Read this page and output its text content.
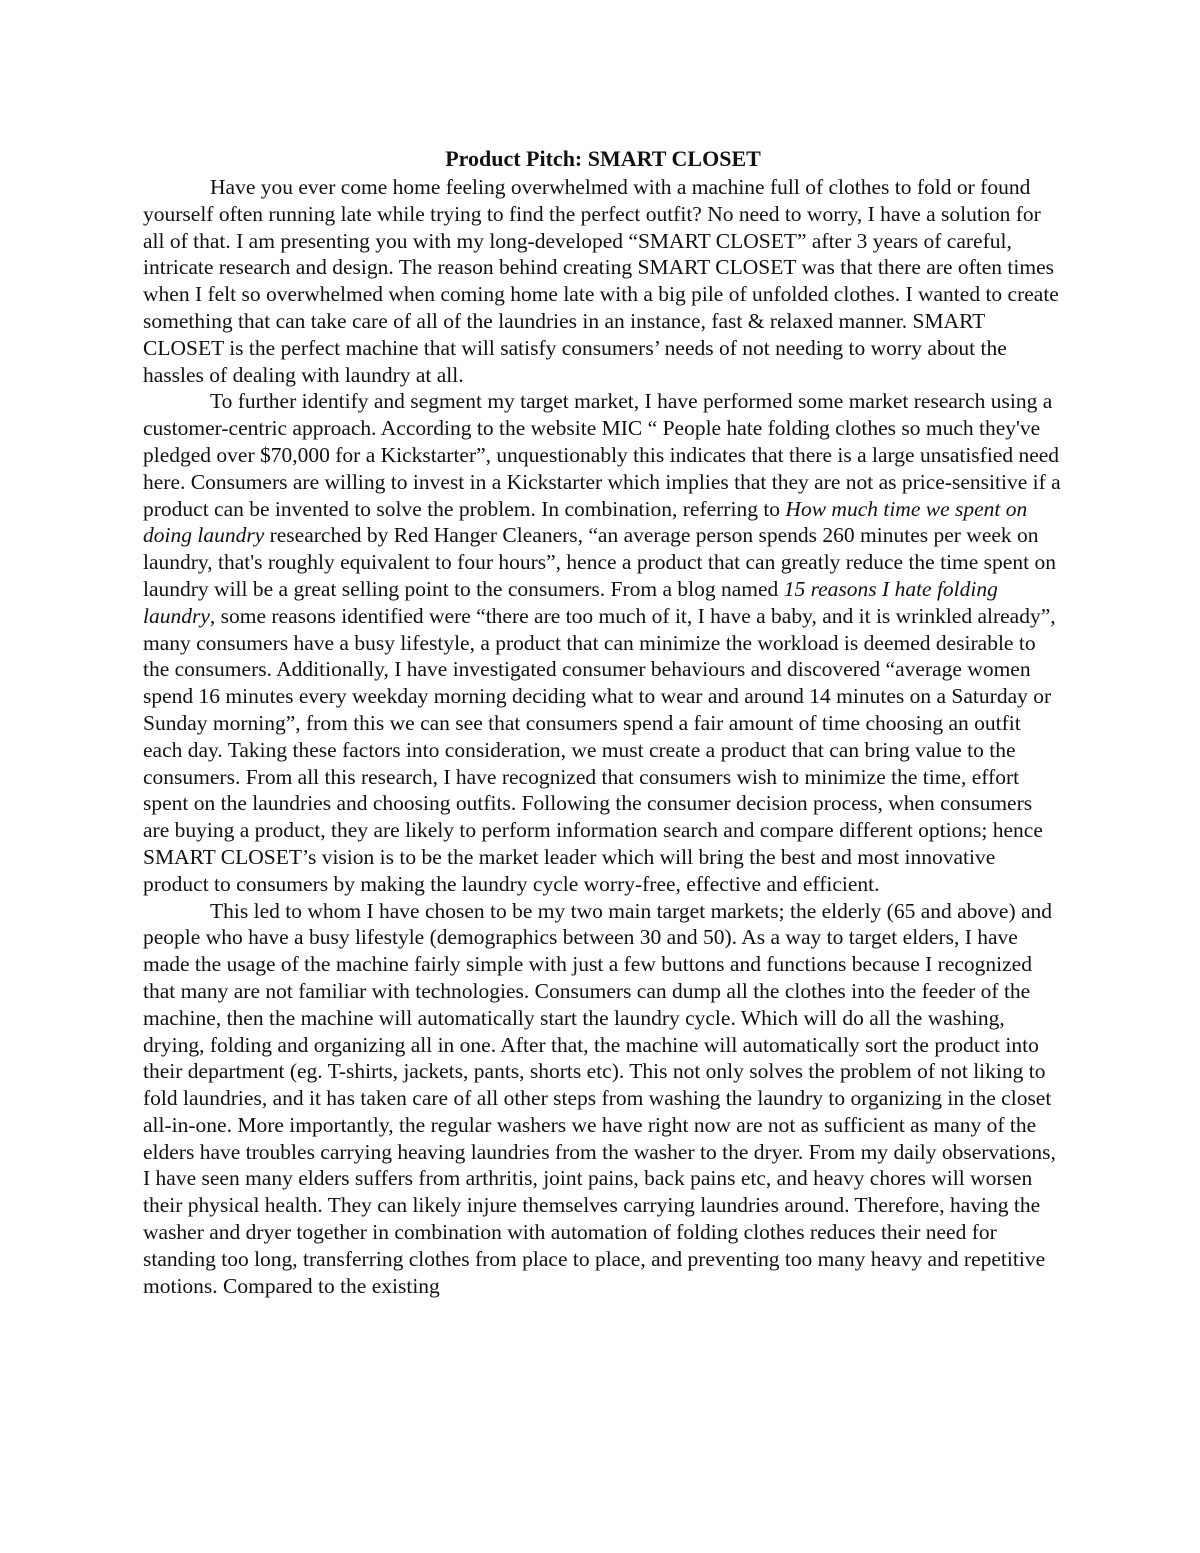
Product Pitch: SMART CLOSET

Have you ever come home feeling overwhelmed with a machine full of clothes to fold or found yourself often running late while trying to find the perfect outfit? No need to worry, I have a solution for all of that. I am presenting you with my long-developed “SMART CLOSET” after 3 years of careful, intricate research and design. The reason behind creating SMART CLOSET was that there are often times when I felt so overwhelmed when coming home late with a big pile of unfolded clothes. I wanted to create something that can take care of all of the laundries in an instance, fast & relaxed manner. SMART CLOSET is the perfect machine that will satisfy consumers’ needs of not needing to worry about the hassles of dealing with laundry at all.

To further identify and segment my target market, I have performed some market research using a customer-centric approach. According to the website MIC “ People hate folding clothes so much they've pledged over $70,000 for a Kickstarter”, unquestionably this indicates that there is a large unsatisfied need here. Consumers are willing to invest in a Kickstarter which implies that they are not as price-sensitive if a product can be invented to solve the problem. In combination, referring to How much time we spent on doing laundry researched by Red Hanger Cleaners, “an average person spends 260 minutes per week on laundry, that's roughly equivalent to four hours”, hence a product that can greatly reduce the time spent on laundry will be a great selling point to the consumers. From a blog named 15 reasons I hate folding laundry, some reasons identified were “there are too much of it, I have a baby, and it is wrinkled already”, many consumers have a busy lifestyle, a product that can minimize the workload is deemed desirable to the consumers. Additionally, I have investigated consumer behaviours and discovered “average women spend 16 minutes every weekday morning deciding what to wear and around 14 minutes on a Saturday or Sunday morning”, from this we can see that consumers spend a fair amount of time choosing an outfit each day. Taking these factors into consideration, we must create a product that can bring value to the consumers. From all this research, I have recognized that consumers wish to minimize the time, effort spent on the laundries and choosing outfits. Following the consumer decision process, when consumers are buying a product, they are likely to perform information search and compare different options; hence SMART CLOSET’s vision is to be the market leader which will bring the best and most innovative product to consumers by making the laundry cycle worry-free, effective and efficient.

This led to whom I have chosen to be my two main target markets; the elderly (65 and above) and people who have a busy lifestyle (demographics between 30 and 50). As a way to target elders, I have made the usage of the machine fairly simple with just a few buttons and functions because I recognized that many are not familiar with technologies. Consumers can dump all the clothes into the feeder of the machine, then the machine will automatically start the laundry cycle. Which will do all the washing, drying, folding and organizing all in one. After that, the machine will automatically sort the product into their department (eg. T-shirts, jackets, pants, shorts etc). This not only solves the problem of not liking to fold laundries, and it has taken care of all other steps from washing the laundry to organizing in the closet all-in-one. More importantly, the regular washers we have right now are not as sufficient as many of the elders have troubles carrying heaving laundries from the washer to the dryer. From my daily observations, I have seen many elders suffers from arthritis, joint pains, back pains etc, and heavy chores will worsen their physical health. They can likely injure themselves carrying laundries around. Therefore, having the washer and dryer together in combination with automation of folding clothes reduces their need for standing too long, transferring clothes from place to place, and preventing too many heavy and repetitive motions. Compared to the existing
